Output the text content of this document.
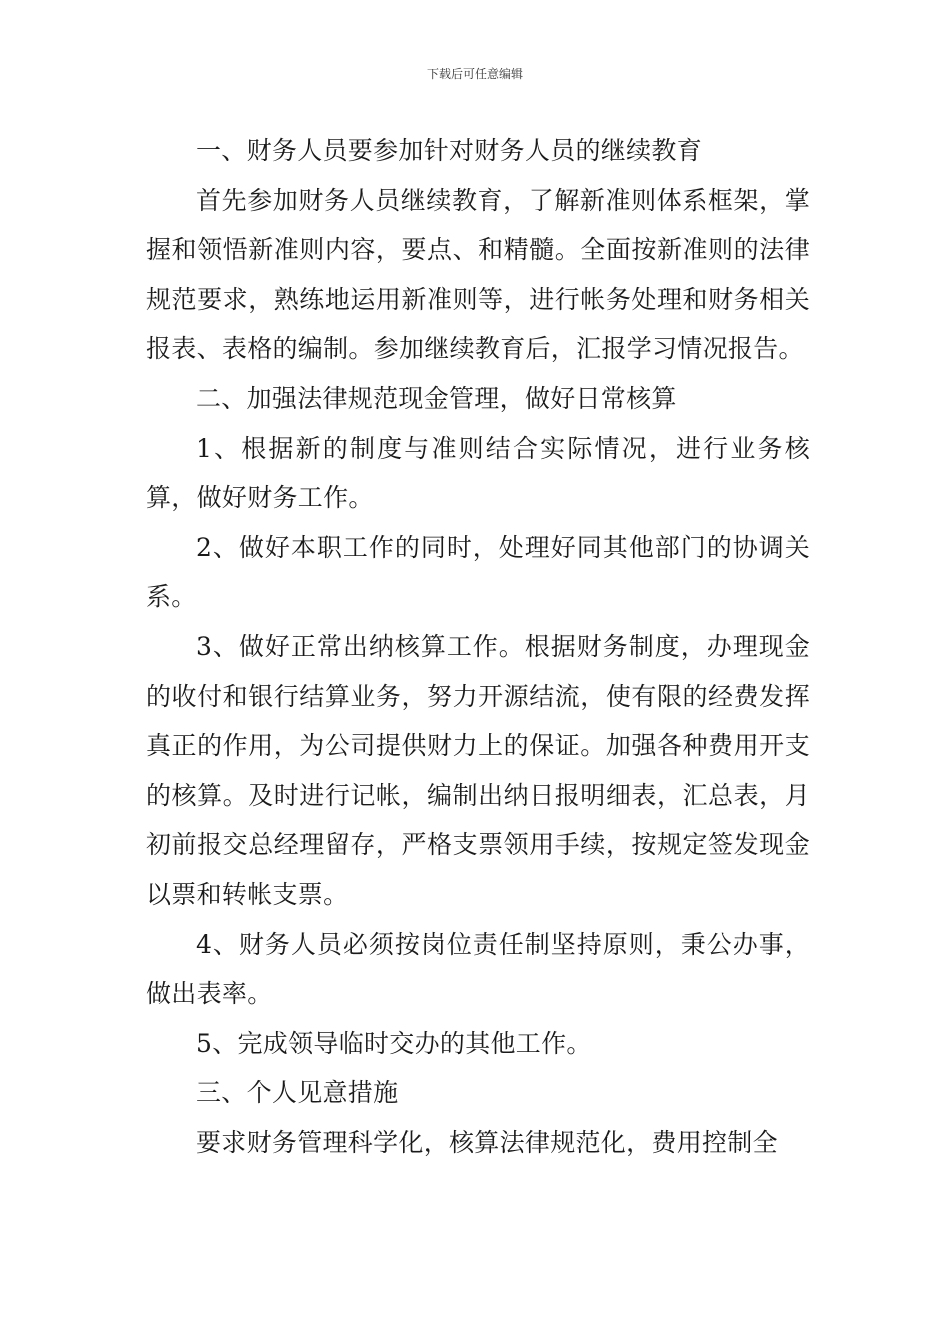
下载后可任意编辑

一、财务人员要参加针对财务人员的继续教育

首先参加财务人员继续教育，了解新准则体系框架，掌握和领悟新准则内容，要点、和精髓。全面按新准则的法律规范要求，熟练地运用新准则等，进行帐务处理和财务相关报表、表格的编制。参加继续教育后，汇报学习情况报告。

二、加强法律规范现金管理，做好日常核算

1、根据新的制度与准则结合实际情况，进行业务核算，做好财务工作。

2、做好本职工作的同时，处理好同其他部门的协调关系。

3、做好正常出纳核算工作。根据财务制度，办理现金的收付和银行结算业务，努力开源结流，使有限的经费发挥真正的作用，为公司提供财力上的保证。加强各种费用开支的核算。及时进行记帐，编制出纳日报明细表，汇总表，月初前报交总经理留存，严格支票领用手续，按规定签发现金以票和转帐支票。

4、财务人员必须按岗位责任制坚持原则，秉公办事，做出表率。

5、完成领导临时交办的其他工作。

三、个人见意措施

要求财务管理科学化，核算法律规范化，费用控制全
